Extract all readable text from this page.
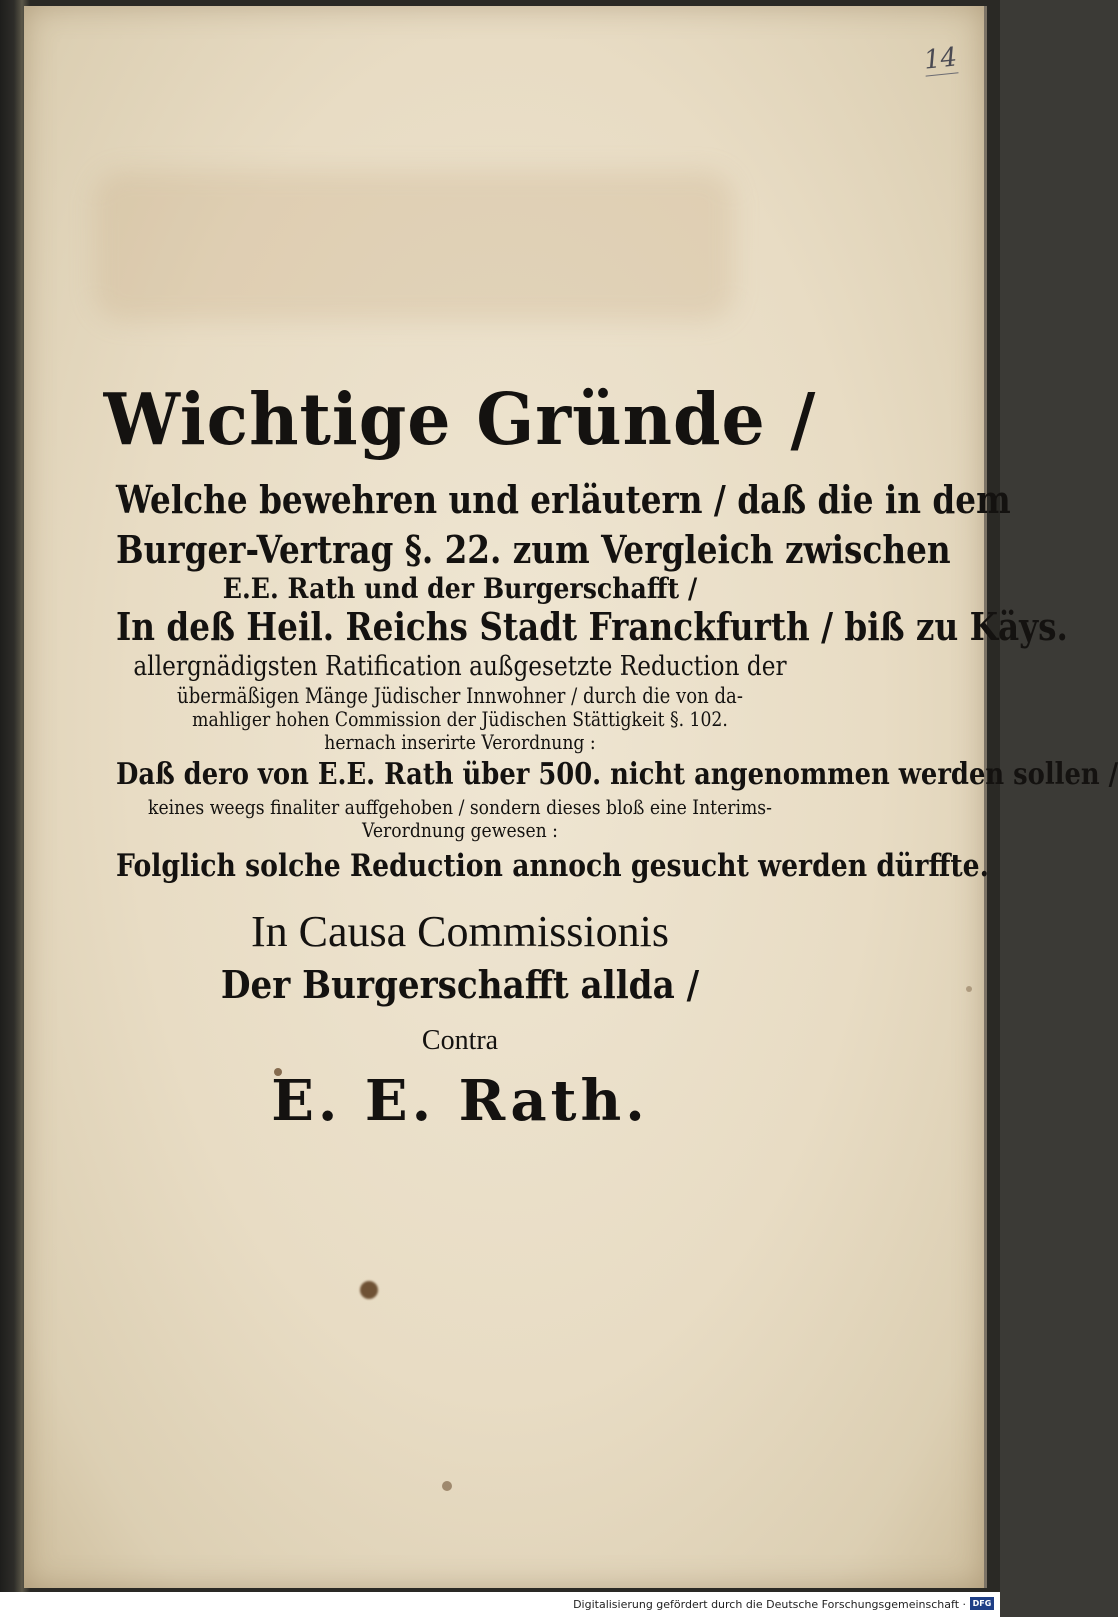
14
Wichtige Gründe /
Welche bewehren und erläutern / daß die in dem
Burger-Vertrag §. 22. zum Vergleich zwischen
E.E. Rath und der Burgerschafft /
In deß Heil. Reichs Stadt Franckfurth / biß zu Käys.
allergnädigsten Ratification außgesetzte Reduction der
übermäßigen Mänge Jüdischer Innwohner / durch die von da-
mahliger hohen Commission der Jüdischen Stättigkeit §. 102.
hernach inserirte Verordnung :
Daß dero von E.E. Rath über 500. nicht angenommen werden sollen /
keines weegs finaliter auffgehoben / sondern dieses bloß eine Interims-
Verordnung gewesen :
Folglich solche Reduction annoch gesucht werden dürffte.
In Causa Commissionis
Der Burgerschafft allda /
Contra
E. E. Rath.
Digitalisierung gefördert durch die Deutsche Forschungsgemeinschaft · DFG
